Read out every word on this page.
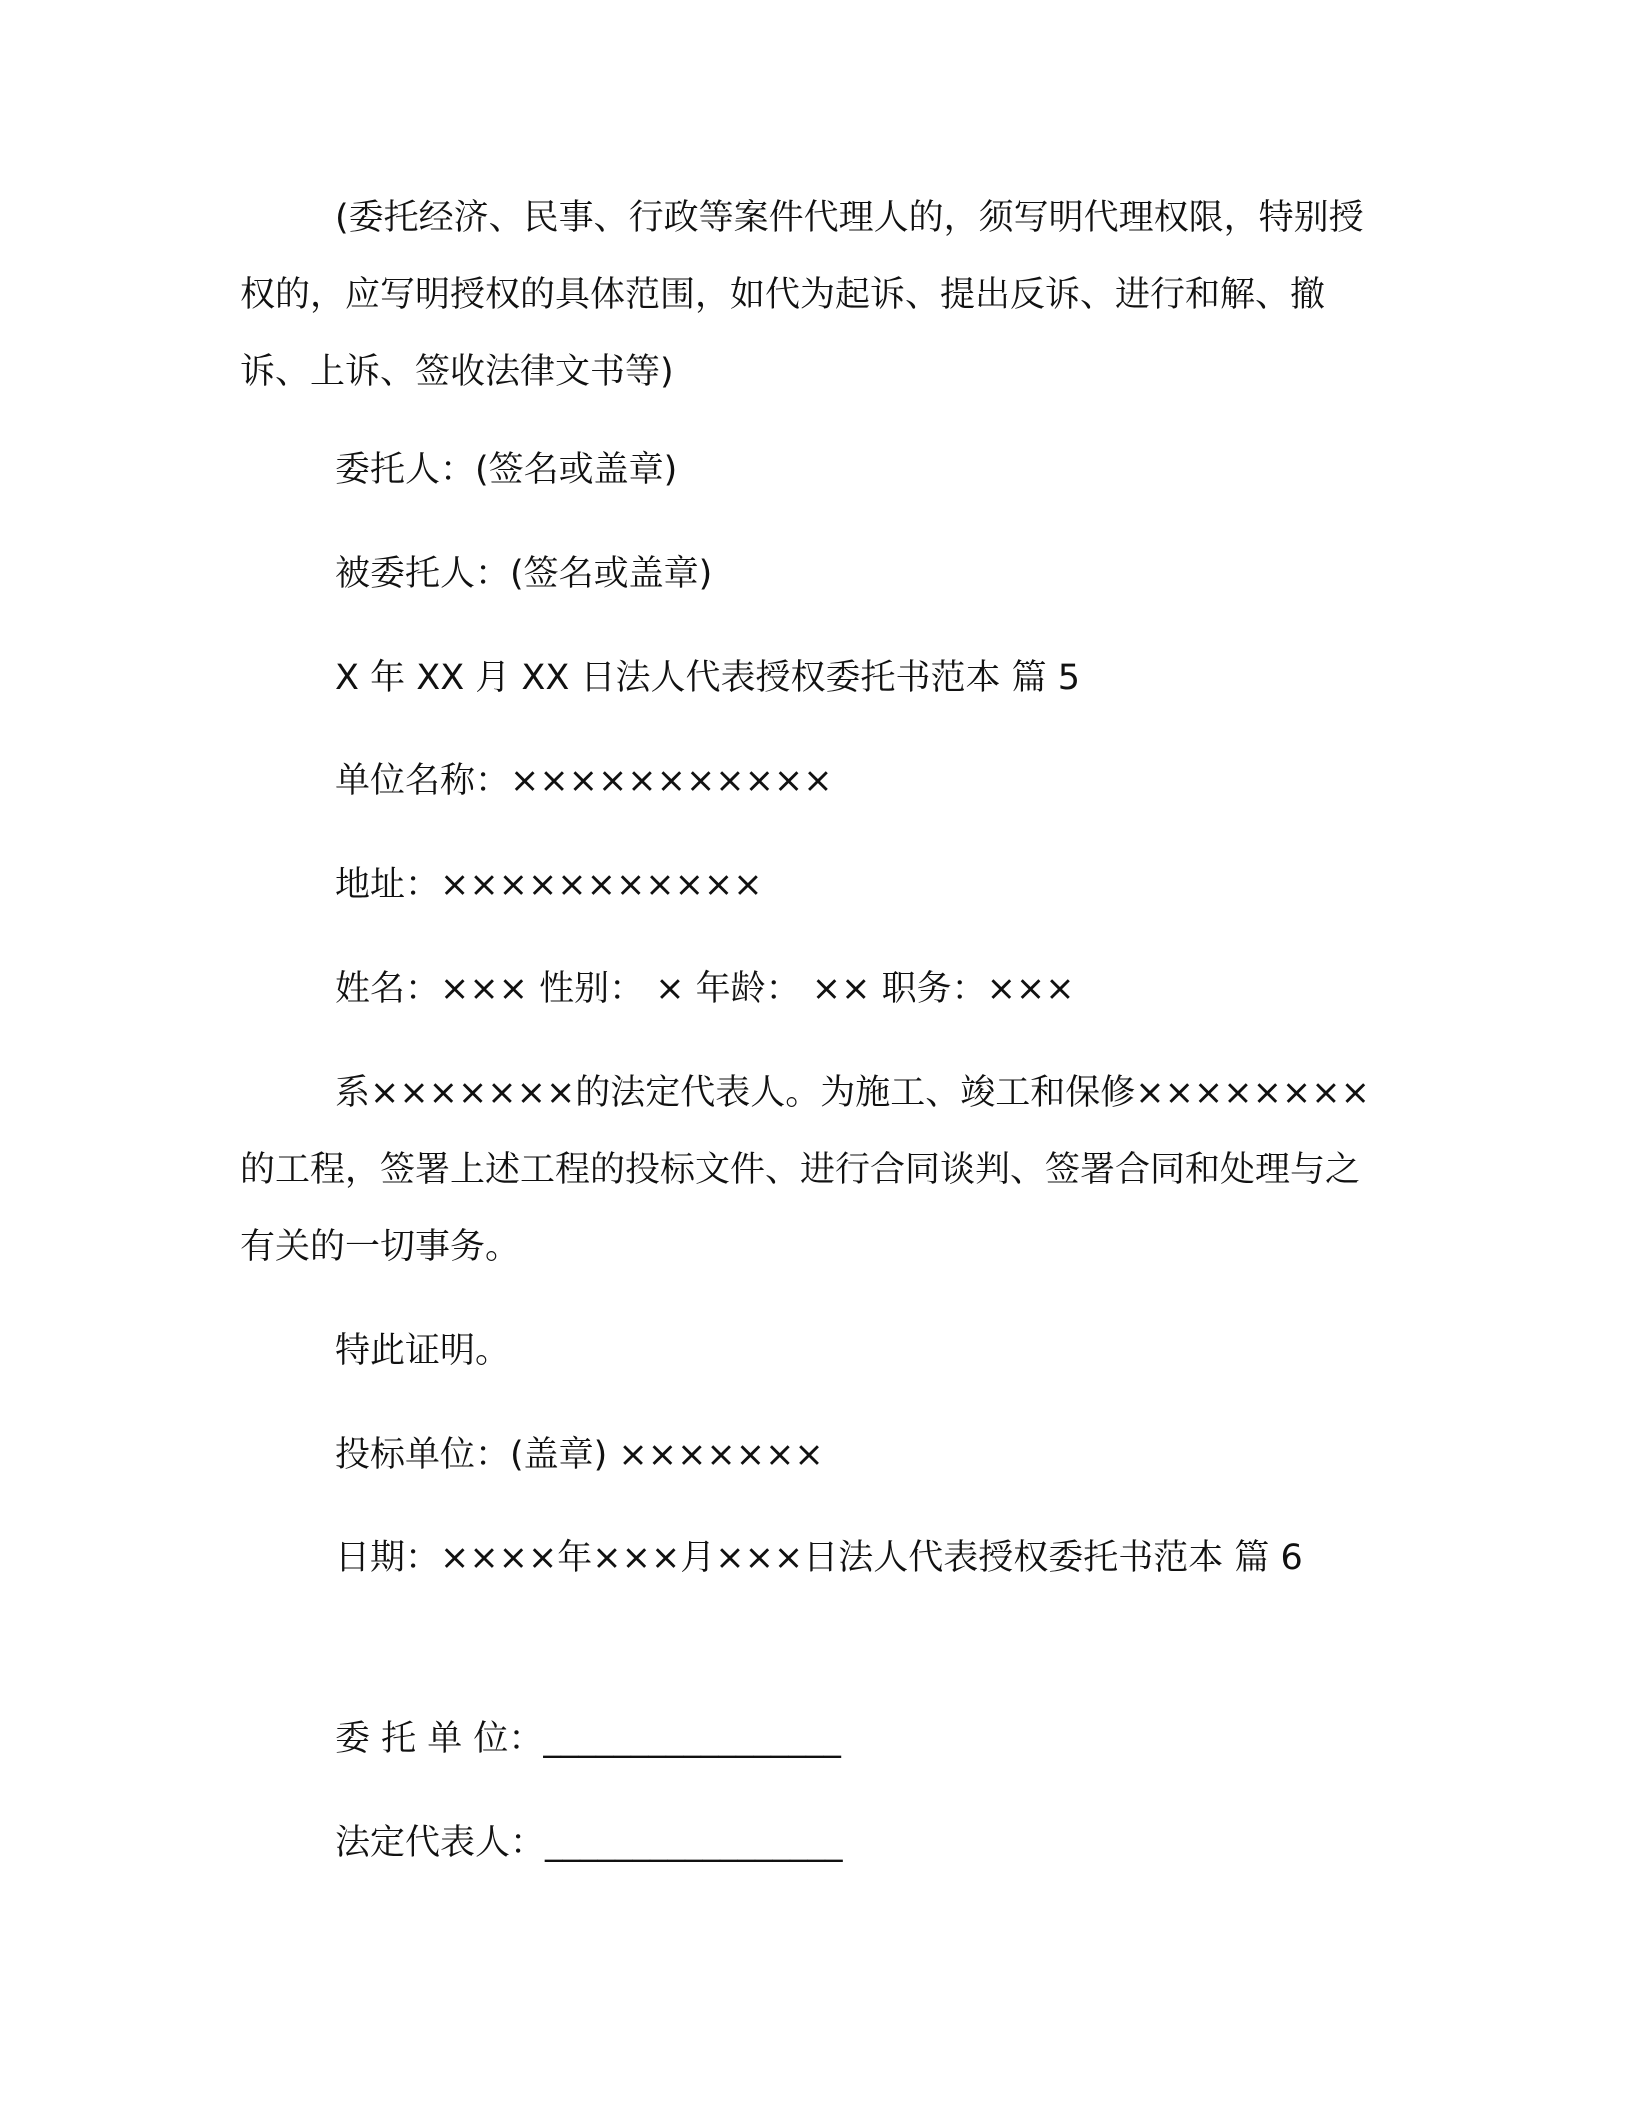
(委托经济、民事、行政等案件代理人的，须写明代理权限，特别授权的，应写明授权的具体范围，如代为起诉、提出反诉、进行和解、撤诉、上诉、签收法律文书等)

委托人：(签名或盖章)

被委托人：(签名或盖章)

X 年 XX 月 XX 日法人代表授权委托书范本 篇 5

单位名称：×××××××××××

地址：×××××××××××

姓名：××× 性别： × 年龄： ×× 职务：×××

系×××××××的法定代表人。为施工、竣工和保修××××××××的工程，签署上述工程的投标文件、进行合同谈判、签署合同和处理与之有关的一切事务。

特此证明。

投标单位：(盖章) ×××××××

日期：××××年×××月×××日法人代表授权委托书范本 篇 6

委 托 单 位：_________________

法定代表人：_________________
